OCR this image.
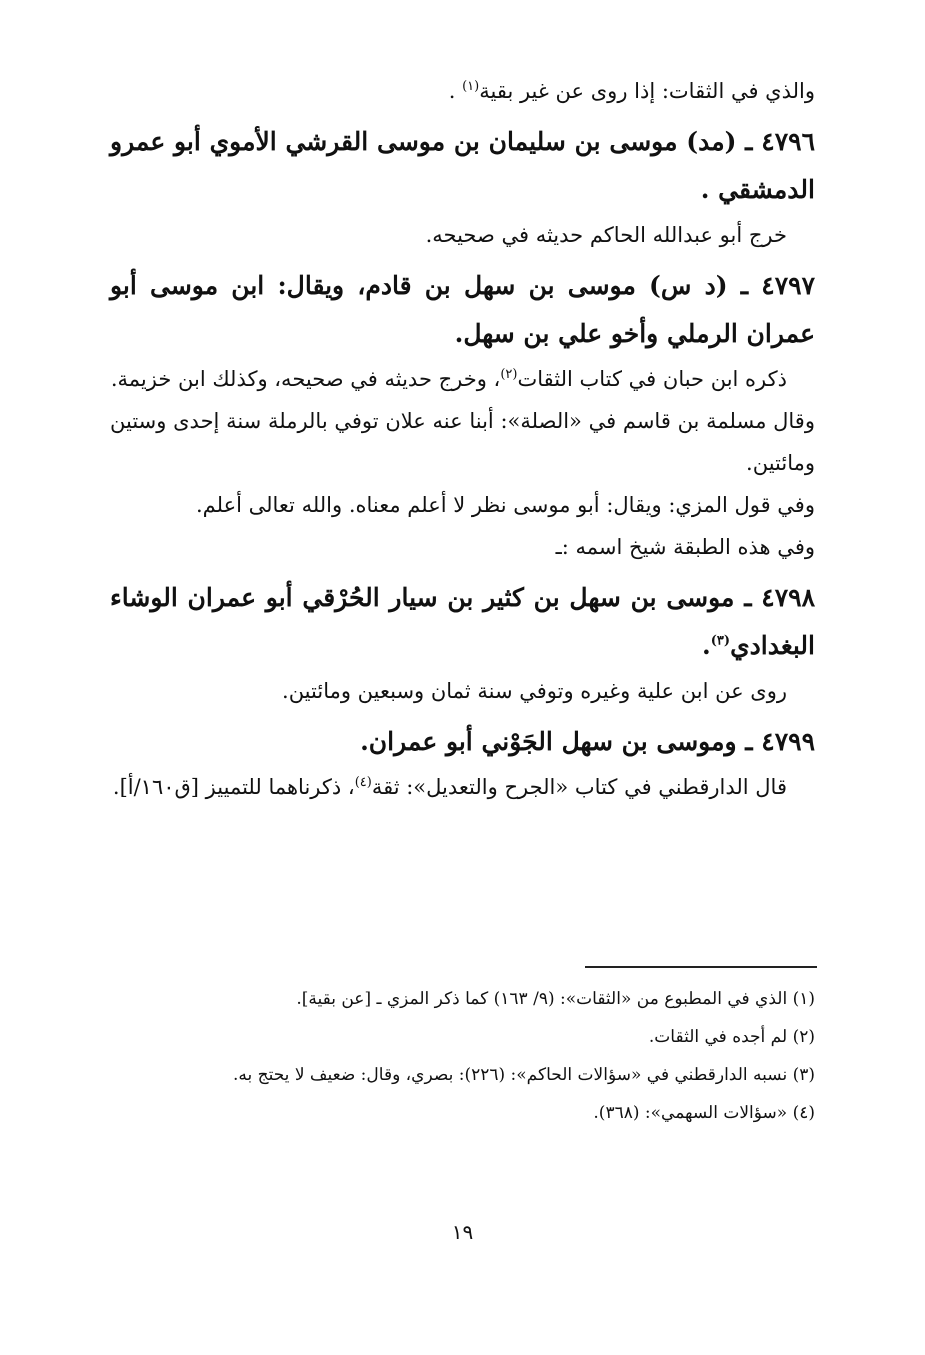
والذي في الثقات: إذا روى عن غير بقية$^{(١)}$ .

٤٧٩٦ ـ (مد) موسى بن سليمان بن موسى القرشي الأموي أبو عمرو الدمشقي .

خرج أبو عبدالله الحاكم حديثه في صحيحه.

٤٧٩٧ ـ (د س) موسى بن سهل بن قادم، ويقال: ابن موسى أبو عمران الرملي وأخو علي بن سهل.

ذكره ابن حبان في كتاب الثقات$^{(٢)}$، وخرج حديثه في صحيحه، وكذلك ابن خزيمة.

وقال مسلمة بن قاسم في «الصلة»: أبنا عنه علان توفي بالرملة سنة إحدى وستين ومائتين.

وفي قول المزي: ويقال: أبو موسى نظر لا أعلم معناه. والله تعالى أعلم.

وفي هذه الطبقة شيخ اسمه :ـ

٤٧٩٨ ـ موسى بن سهل بن كثير بن سيار الحُرْقي أبو عمران الوشاء البغدادي$^{(٣)}$.

روى عن ابن علية وغيره وتوفي سنة ثمان وسبعين ومائتين.

٤٧٩٩ ـ وموسى بن سهل الجَوْني أبو عمران.

قال الدارقطني في كتاب «الجرح والتعديل»: ثقة$^{(٤)}$، ذكرناهما للتمييز [ق١٦٠/أ].

(١) الذي في المطبوع من «الثقات»: (٩/ ١٦٣) كما ذكر المزي ـ [عن بقية].

(٢) لم أجده في الثقات.

(٣) نسبه الدارقطني في «سؤالات الحاكم»: (٢٢٦): بصري، وقال: ضعيف لا يحتج به.

(٤) «سؤالات السهمي»: (٣٦٨).

١٩
